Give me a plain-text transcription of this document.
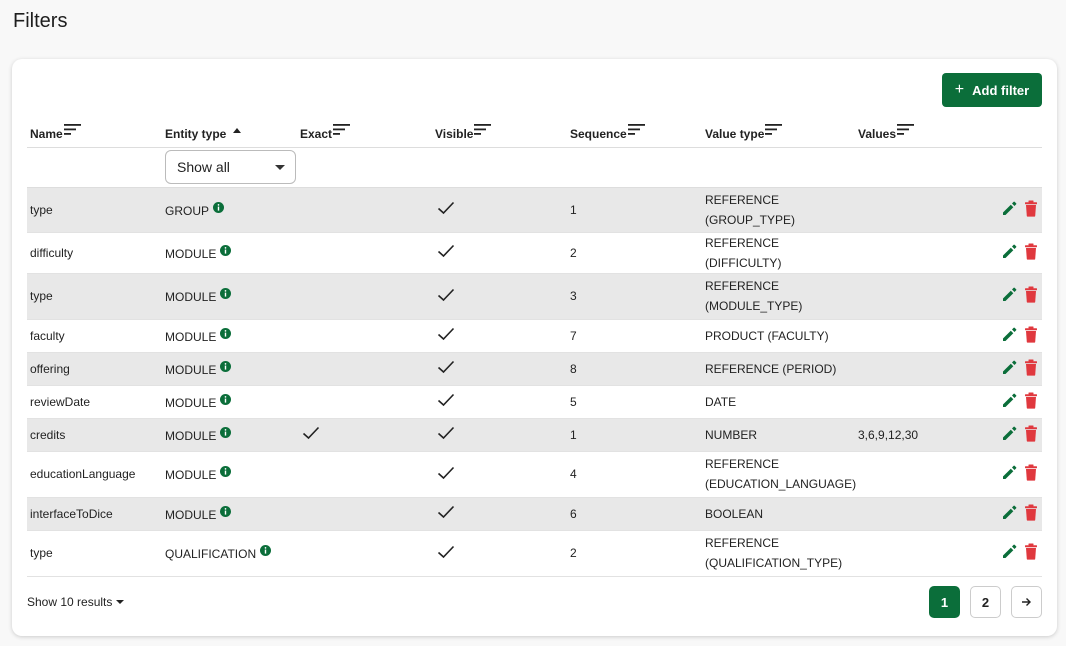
Filters
+ Add filter
Name	Entity type	Exact	Visible	Sequence	Value type	Values	

	Show all						

type	GROUP			1	REFERENCE
(GROUP_TYPE)		
difficulty	MODULE			2	REFERENCE (DIFFICULTY)		
type	MODULE			3	REFERENCE
(MODULE_TYPE)		
faculty	MODULE			7	PRODUCT (FACULTY)		
offering	MODULE			8	REFERENCE (PERIOD)		
reviewDate	MODULE			5	DATE		
credits	MODULE			1	NUMBER	3,6,9,12,30	
educationLanguage	MODULE			4	REFERENCE
(EDUCATION_LANGUAGE)		
interfaceToDice	MODULE			6	BOOLEAN		
type	QUALIFICATION			2	REFERENCE
(QUALIFICATION_TYPE)		
Show 10 results	1	2
